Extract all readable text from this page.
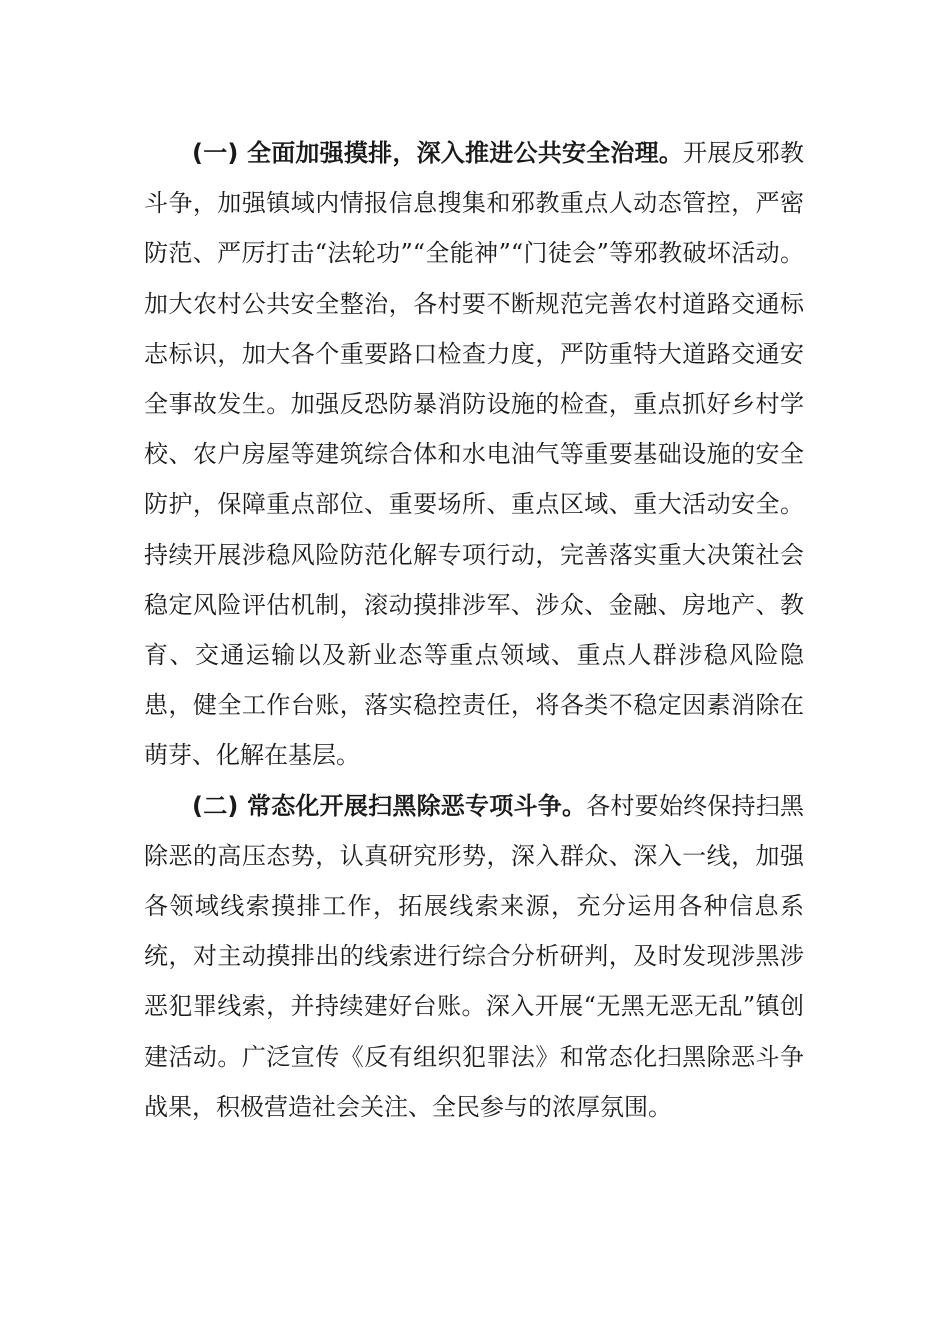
(一) 全面加强摸排，深入推进公共安全治理。开展反邪教斗争，加强镇域内情报信息搜集和邪教重点人动态管控，严密防范、严厉打击“法轮功”“全能神”“门徒会”等邪教破坏活动。加大农村公共安全整治，各村要不断规范完善农村道路交通标志标识，加大各个重要路口检查力度，严防重特大道路交通安全事故发生。加强反恐防暴消防设施的检查，重点抓好乡村学校、农户房屋等建筑综合体和水电油气等重要基础设施的安全防护，保障重点部位、重要场所、重点区域、重大活动安全。持续开展涉稳风险防范化解专项行动，完善落实重大决策社会稳定风险评估机制，滚动摸排涉军、涉众、金融、房地产、教育、交通运输以及新业态等重点领域、重点人群涉稳风险隐患，健全工作台账，落实稳控责任，将各类不稳定因素消除在萌芽、化解在基层。

(二) 常态化开展扫黑除恶专项斗争。各村要始终保持扫黑除恶的高压态势，认真研究形势，深入群众、深入一线，加强各领域线索摸排工作，拓展线索来源，充分运用各种信息系统，对主动摸排出的线索进行综合分析研判，及时发现涉黑涉恶犯罪线索，并持续建好台账。深入开展“无黑无恶无乱”镇创建活动。广泛宣传《反有组织犯罪法》和常态化扫黑除恶斗争战果，积极营造社会关注、全民参与的浓厚氛围。
